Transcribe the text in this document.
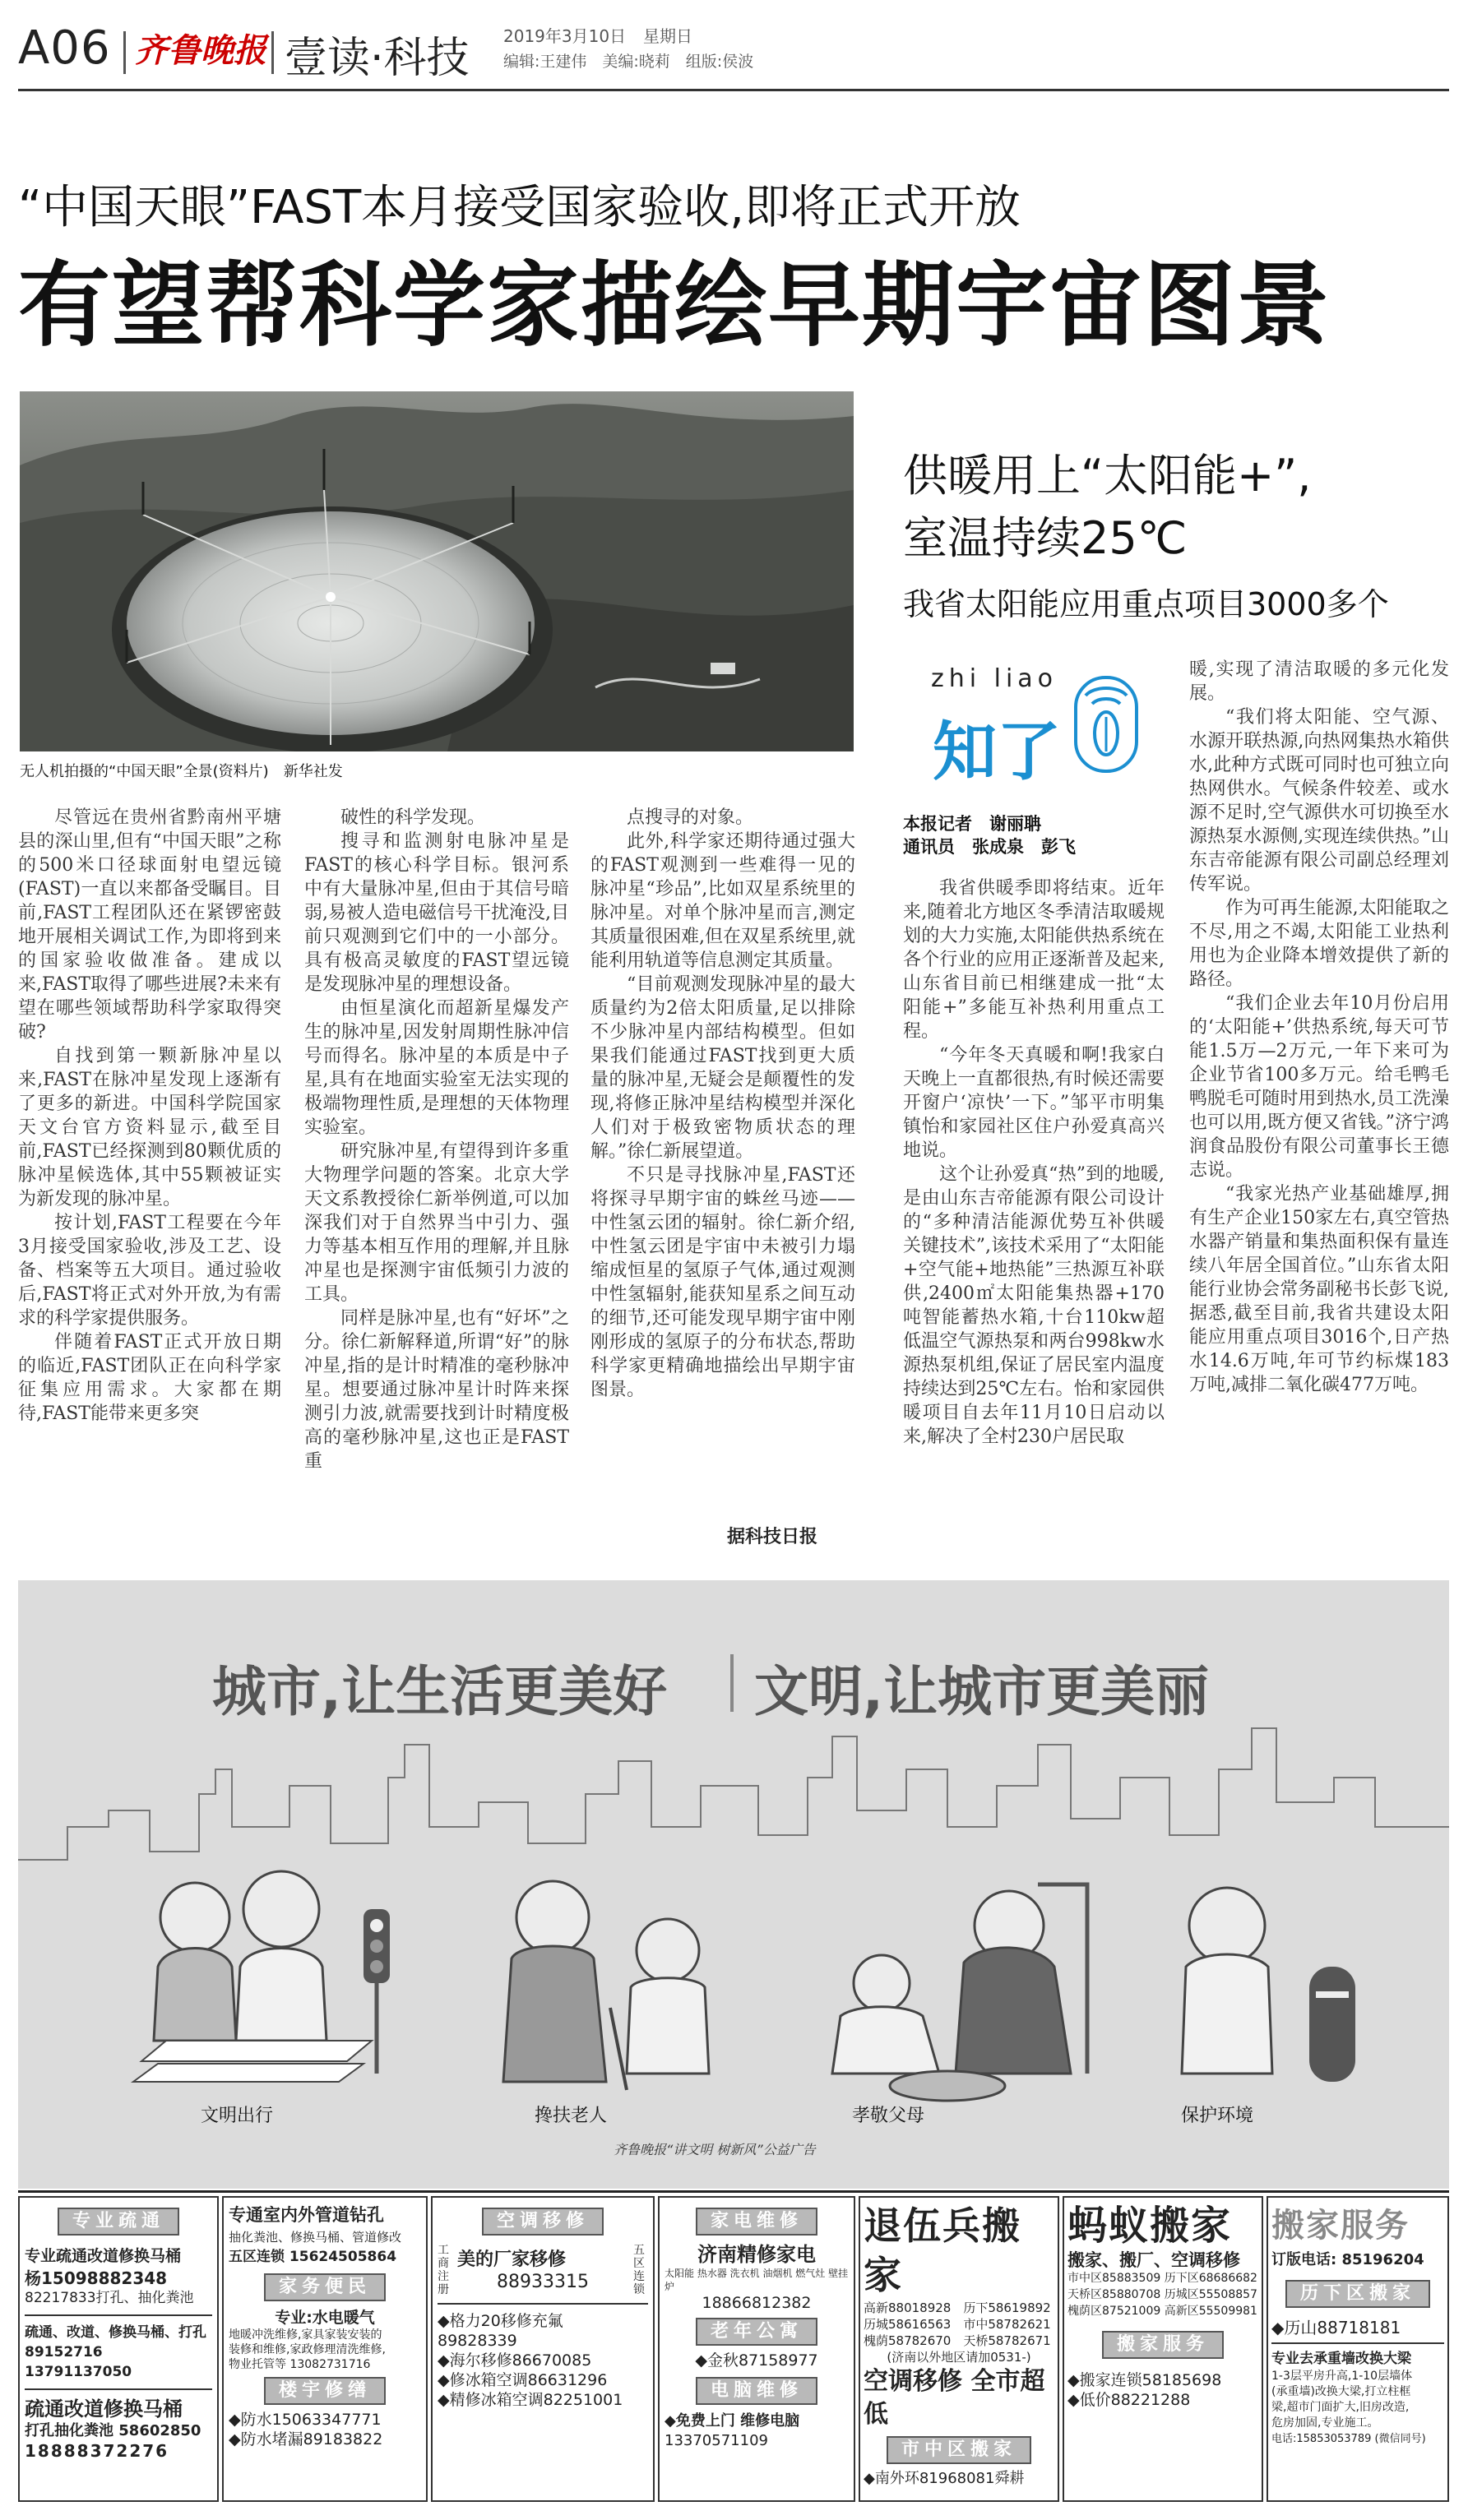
A06 齐鲁晚报 壹读·科技 2019年3月10日 星期日
编辑:王建伟　美编:晓莉　组版:侯波
“中国天眼”FAST本月接受国家验收,即将正式开放
有望帮科学家描绘早期宇宙图景
无人机拍摄的“中国天眼”全景(资料片)　新华社发

尽管远在贵州省黔南州平塘县的深山里,但有“中国天眼”之称的500米口径球面射电望远镜(FAST)一直以来都备受瞩目。目前,FAST工程团队还在紧锣密鼓地开展相关调试工作,为即将到来的国家验收做准备。建成以来,FAST取得了哪些进展?未来有望在哪些领域帮助科学家取得突破?

自找到第一颗新脉冲星以来,FAST在脉冲星发现上逐渐有了更多的新进。中国科学院国家天文台官方资料显示,截至目前,FAST已经探测到80颗优质的脉冲星候选体,其中55颗被证实为新发现的脉冲星。

按计划,FAST工程要在今年3月接受国家验收,涉及工艺、设备、档案等五大项目。通过验收后,FAST将正式对外开放,为有需求的科学家提供服务。

伴随着FAST正式开放日期的临近,FAST团队正在向科学家征集应用需求。大家都在期待,FAST能带来更多突

破性的科学发现。

搜寻和监测射电脉冲星是FAST的核心科学目标。银河系中有大量脉冲星,但由于其信号暗弱,易被人造电磁信号干扰淹没,目前只观测到它们中的一小部分。具有极高灵敏度的FAST望远镜是发现脉冲星的理想设备。

由恒星演化而超新星爆发产生的脉冲星,因发射周期性脉冲信号而得名。脉冲星的本质是中子星,具有在地面实验室无法实现的极端物理性质,是理想的天体物理实验室。

研究脉冲星,有望得到许多重大物理学问题的答案。北京大学天文系教授徐仁新举例道,可以加深我们对于自然界当中引力、强力等基本相互作用的理解,并且脉冲星也是探测宇宙低频引力波的工具。

同样是脉冲星,也有“好坏”之分。徐仁新解释道,所谓“好”的脉冲星,指的是计时精准的毫秒脉冲星。想要通过脉冲星计时阵来探测引力波,就需要找到计时精度极高的毫秒脉冲星,这也正是FAST重

点搜寻的对象。

此外,科学家还期待通过强大的FAST观测到一些难得一见的脉冲星“珍品”,比如双星系统里的脉冲星。对单个脉冲星而言,测定其质量很困难,但在双星系统里,就能利用轨道等信息测定其质量。

“目前观测发现脉冲星的最大质量约为2倍太阳质量,足以排除不少脉冲星内部结构模型。但如果我们能通过FAST找到更大质量的脉冲星,无疑会是颠覆性的发现,将修正脉冲星结构模型并深化人们对于极致密物质状态的理解。”徐仁新展望道。

不只是寻找脉冲星,FAST还将探寻早期宇宙的蛛丝马迹——中性氢云团的辐射。徐仁新介绍,中性氢云团是宇宙中未被引力塌缩成恒星的氢原子气体,通过观测中性氢辐射,能获知星系之间互动的细节,还可能发现早期宇宙中刚刚形成的氢原子的分布状态,帮助科学家更精确地描绘出早期宇宙图景。

据科技日报
供暖用上“太阳能+”,
室温持续25℃
我省太阳能应用重点项目3000多个
zhi liao
知了
本报记者　谢丽聃
通讯员　张成泉　彭飞

我省供暖季即将结束。近年来,随着北方地区冬季清洁取暖规划的大力实施,太阳能供热系统在各个行业的应用正逐渐普及起来,山东省目前已相继建成一批“太阳能+”多能互补热利用重点工程。

“今年冬天真暖和啊!我家白天晚上一直都很热,有时候还需要开窗户‘凉快’一下。”邹平市明集镇怡和家园社区住户孙爱真高兴地说。

这个让孙爱真“热”到的地暖,是由山东吉帝能源有限公司设计的“多种清洁能源优势互补供暖关键技术”,该技术采用了“太阳能+空气能+地热能”三热源互补联供,2400㎡太阳能集热器+170吨智能蓄热水箱,十台110kw超低温空气源热泵和两台998kw水源热泵机组,保证了居民室内温度持续达到25℃左右。怡和家园供暖项目自去年11月10日启动以来,解决了全村230户居民取

暖,实现了清洁取暖的多元化发展。

“我们将太阳能、空气源、水源开联热源,向热网集热水箱供水,此种方式既可同时也可独立向热网供水。气候条件较差、或水源不足时,空气源供水可切换至水源热泵水源侧,实现连续供热。”山东吉帝能源有限公司副总经理刘传军说。

作为可再生能源,太阳能取之不尽,用之不竭,太阳能工业热利用也为企业降本增效提供了新的路径。

“我们企业去年10月份启用的‘太阳能+’供热系统,每天可节能1.5万—2万元,一年下来可为企业节省100多万元。给毛鸭毛鸭脱毛可随时用到热水,员工洗澡也可以用,既方便又省钱。”济宁鸿润食品股份有限公司董事长王德志说。

“我家光热产业基础雄厚,拥有生产企业150家左右,真空管热水器产销量和集热面积保有量连续八年居全国首位。”山东省太阳能行业协会常务副秘书长彭飞说,据悉,截至目前,我省共建设太阳能应用重点项目3016个,日产热水14.6万吨,年可节约标煤183万吨,减排二氧化碳477万吨。

城市,让生活更美好 文明,让城市更美丽
文明出行	搀扶老人	孝敬父母	保护环境
齐鲁晚报“讲文明 树新风”公益广告
专业疏通
专业疏通改道修换马桶
杨15098882348
82217833打孔、抽化粪池
疏通、改道、修换马桶、打孔
89152716 13791137050
疏通改道修换马桶
打孔抽化粪池 58602850
18888372276
专通室内外管道钻孔
抽化粪池、修换马桶、管道修改
五区连锁 15624505864
家务便民
专业:水电暖气
地暖冲洗维修,家具家装安装的
装修和维修,家政修理清洗维修,
物业托管等 13082731716
楼宇修缮
◆防水15063347771
◆防水堵漏89183822
空调移修
工商注册
美的厂家移修
88933315
五区连锁
◆格力20移修充氟
89828339
◆海尔移修86670085
◆修冰箱空调86631296
◆精修冰箱空调82251001
家电维修
济南精修家电
太阳能 热水器 洗衣机 油烟机 燃气灶 壁挂炉
18866812382
老年公寓
◆金秋87158977
电脑维修
◆免费上门 维修电脑
13370571109
退伍兵搬家
高新88018928　历下58619892
历城58616563　市中58782621
槐荫58782670　天桥58782671
(济南以外地区请加0531-)
空调移修 全市超低
市中区搬家
◆南外环81968081舜耕
蚂蚁搬家
搬家、搬厂、空调移修
市中区85883509 历下区68686682
天桥区85880708 历城区55508857
槐荫区87521009 高新区55509981
搬家服务
◆搬家连锁58185698
◆低价88221288
搬家服务
订版电话: 85196204
历下区搬家
◆历山88718181
专业去承重墙改换大梁
1-3层平房升高,1-10层墙体
(承重墙)改换大梁,打立柱框
梁,超市门面扩大,旧房改造,
危房加固,专业施工。
电话:15853053789 (微信同号)
